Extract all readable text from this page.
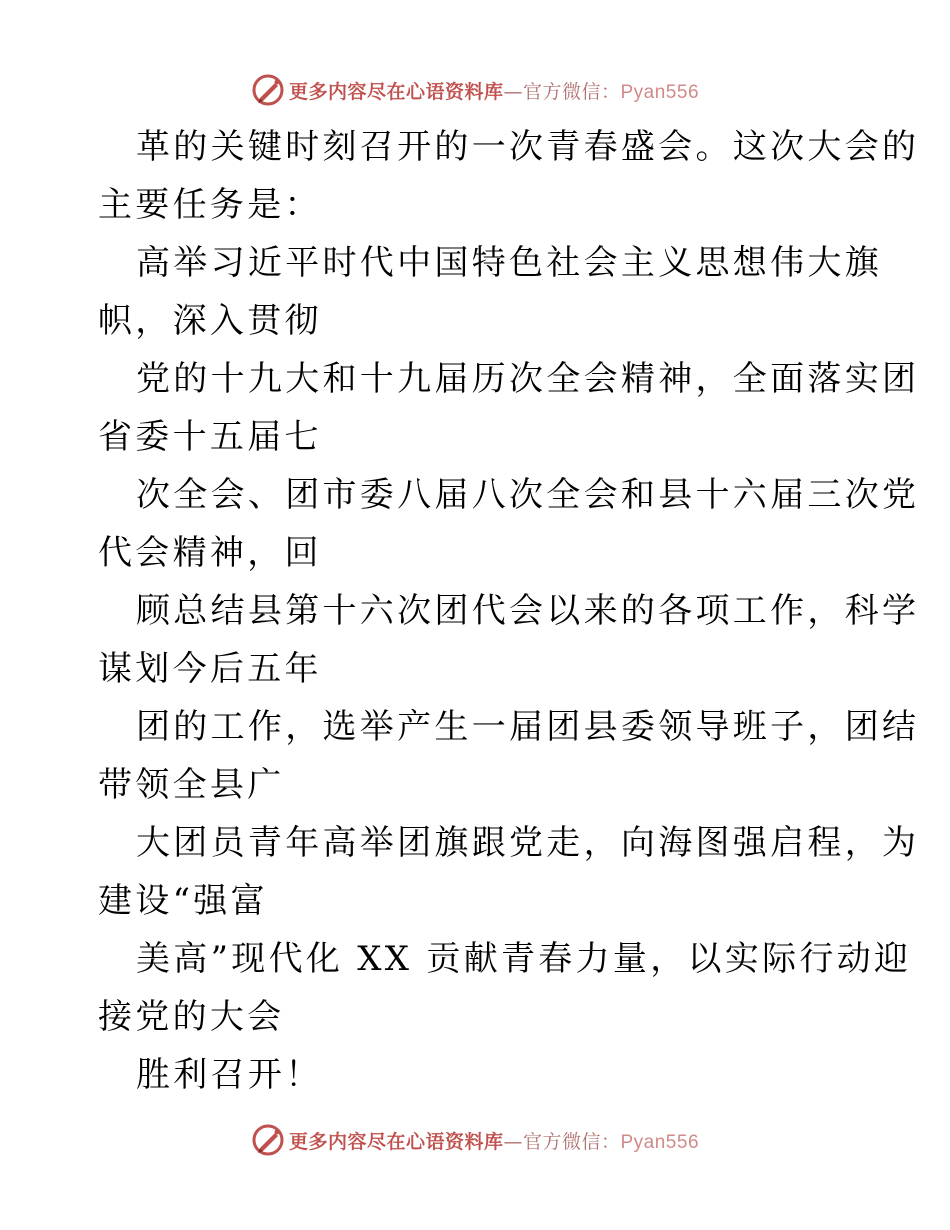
更多内容尽在心语资料库—官方微信：Pyan556
革的关键时刻召开的一次青春盛会。这次大会的
主要任务是：
高举习近平时代中国特色社会主义思想伟大旗
帜，深入贯彻
党的十九大和十九届历次全会精神，全面落实团
省委十五届七
次全会、团市委八届八次全会和县十六届三次党
代会精神，回
顾总结县第十六次团代会以来的各项工作，科学
谋划今后五年
团的工作，选举产生一届团县委领导班子，团结
带领全县广
大团员青年高举团旗跟党走，向海图强启程，为
建设“强富
美高”现代化 XX 贡献青春力量，以实际行动迎
接党的大会
胜利召开！
更多内容尽在心语资料库—官方微信：Pyan556
